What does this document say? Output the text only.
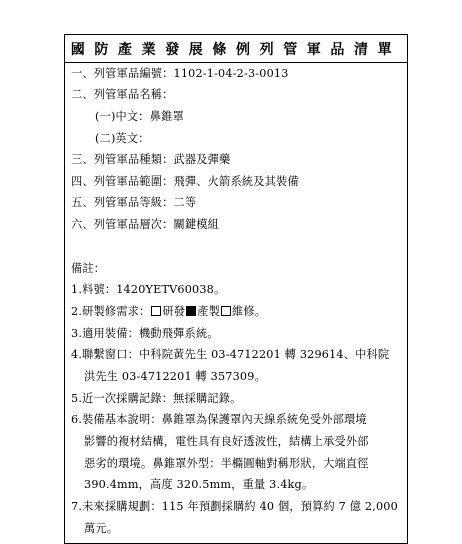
國防產業發展條例列管軍品清單
一、列管軍品編號：1102-1-04-2-3-0013
二、列管軍品名稱：
(一)中文：鼻錐罩
(二)英文：
三、列管軍品種類：武器及彈藥
四、列管軍品範圍：飛彈、火箭系統及其裝備
五、列管軍品等級：二等
六、列管軍品層次：關鍵模組
備註：
1.料號：1420YETV60038。
2.研製修需求： 研發 產製 維修。
3.適用裝備：機動飛彈系統。
4.聯繫窗口：中科院黃先生 03-4712201 轉 329614、中科院
洪先生 03-4712201 轉 357309。
5.近一次採購記錄：無採購記錄。
6.裝備基本說明：鼻錐罩為保護罩內天線系統免受外部環境
影響的複材結構，電性具有良好透波性，結構上承受外部
惡劣的環境。鼻錐罩外型：半橢圓軸對稱形狀，大端直徑
390.4mm，高度 320.5mm，重量 3.4kg。
7.未來採購規劃：115 年預劃採購約 40 個，預算約 7 億 2,000
萬元。
